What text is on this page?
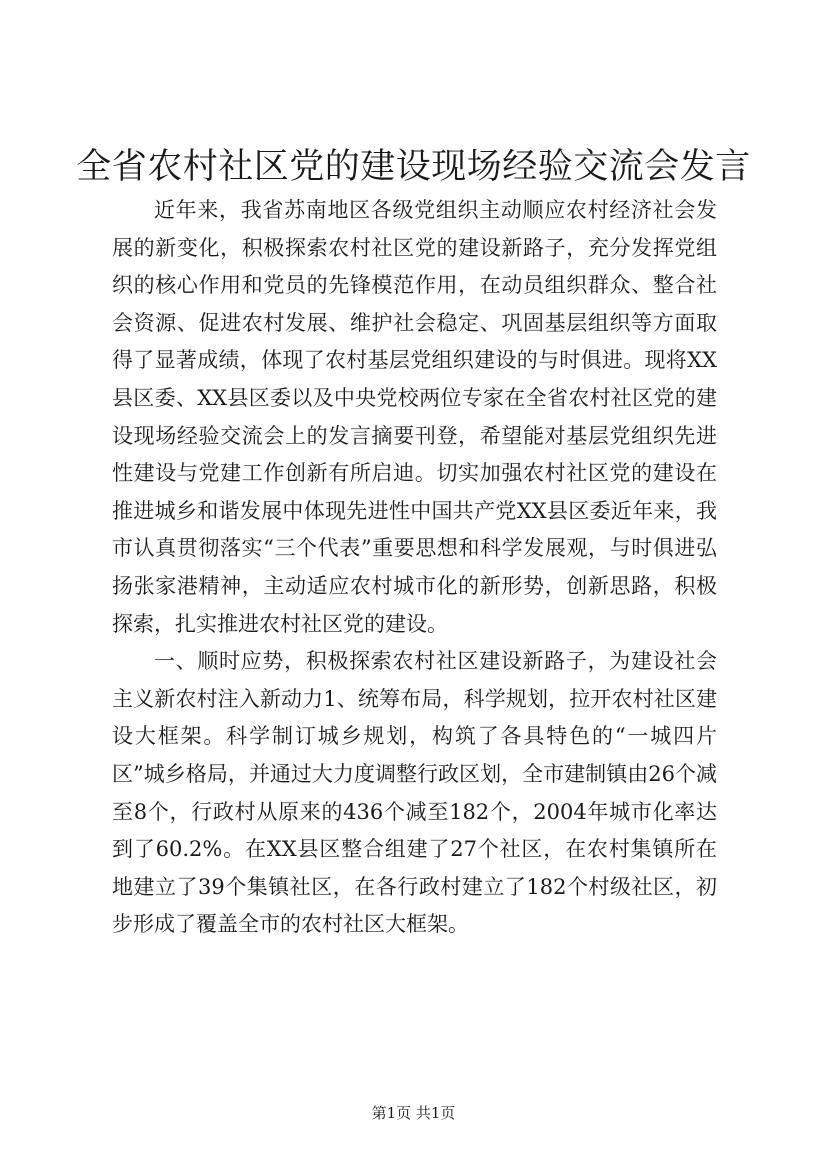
全省农村社区党的建设现场经验交流会发言

近年来，我省苏南地区各级党组织主动顺应农村经济社会发展的新变化，积极探索农村社区党的建设新路子，充分发挥党组织的核心作用和党员的先锋模范作用，在动员组织群众、整合社会资源、促进农村发展、维护社会稳定、巩固基层组织等方面取得了显著成绩，体现了农村基层党组织建设的与时俱进。现将XX县区委、XX县区委以及中央党校两位专家在全省农村社区党的建设现场经验交流会上的发言摘要刊登，希望能对基层党组织先进性建设与党建工作创新有所启迪。切实加强农村社区党的建设在推进城乡和谐发展中体现先进性中国共产党XX县区委近年来，我市认真贯彻落实“三个代表”重要思想和科学发展观，与时俱进弘扬张家港精神，主动适应农村城市化的新形势，创新思路，积极探索，扎实推进农村社区党的建设。

一、顺时应势，积极探索农村社区建设新路子，为建设社会主义新农村注入新动力1、统筹布局，科学规划，拉开农村社区建设大框架。科学制订城乡规划，构筑了各具特色的“一城四片区”城乡格局，并通过大力度调整行政区划，全市建制镇由26个减至8个，行政村从原来的436个减至182个，2004年城市化率达到了60.2%。在XX县区整合组建了27个社区，在农村集镇所在地建立了39个集镇社区，在各行政村建立了182个村级社区，初步形成了覆盖全市的农村社区大框架。

第1页 共1页
